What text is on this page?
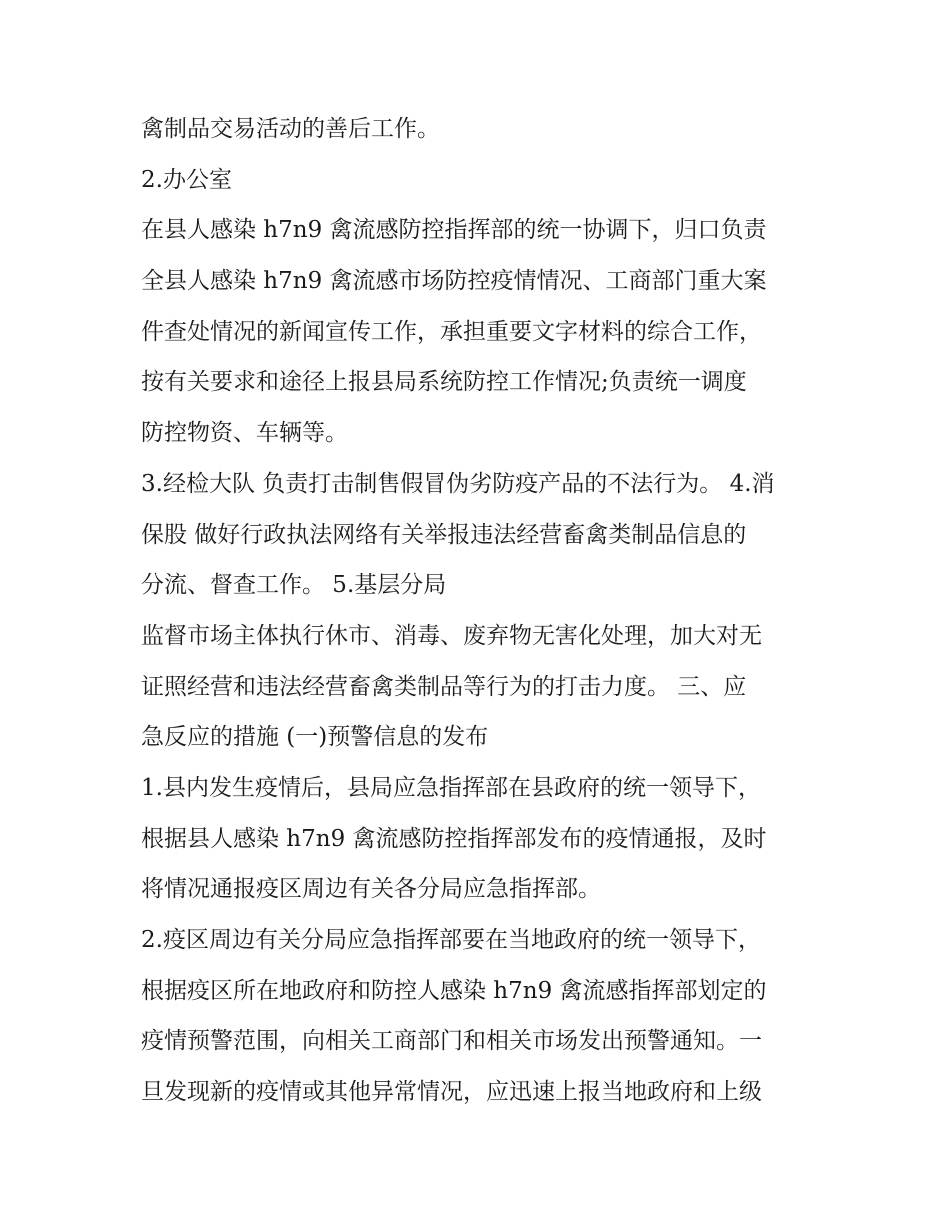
禽制品交易活动的善后工作。
2.办公室
在县人感染 h7n9 禽流感防控指挥部的统一协调下，归口负责
全县人感染 h7n9 禽流感市场防控疫情情况、工商部门重大案
件查处情况的新闻宣传工作，承担重要文字材料的综合工作，
按有关要求和途径上报县局系统防控工作情况;负责统一调度
防控物资、车辆等。
3.经检大队 负责打击制售假冒伪劣防疫产品的不法行为。 4.消
保股 做好行政执法网络有关举报违法经营畜禽类制品信息的
分流、督查工作。 5.基层分局
监督市场主体执行休市、消毒、废弃物无害化处理，加大对无
证照经营和违法经营畜禽类制品等行为的打击力度。 三、应
急反应的措施 (一)预警信息的发布
1.县内发生疫情后，县局应急指挥部在县政府的统一领导下，
根据县人感染 h7n9 禽流感防控指挥部发布的疫情通报，及时
将情况通报疫区周边有关各分局应急指挥部。
2.疫区周边有关分局应急指挥部要在当地政府的统一领导下，
根据疫区所在地政府和防控人感染 h7n9 禽流感指挥部划定的
疫情预警范围，向相关工商部门和相关市场发出预警通知。一
旦发现新的疫情或其他异常情况，应迅速上报当地政府和上级
